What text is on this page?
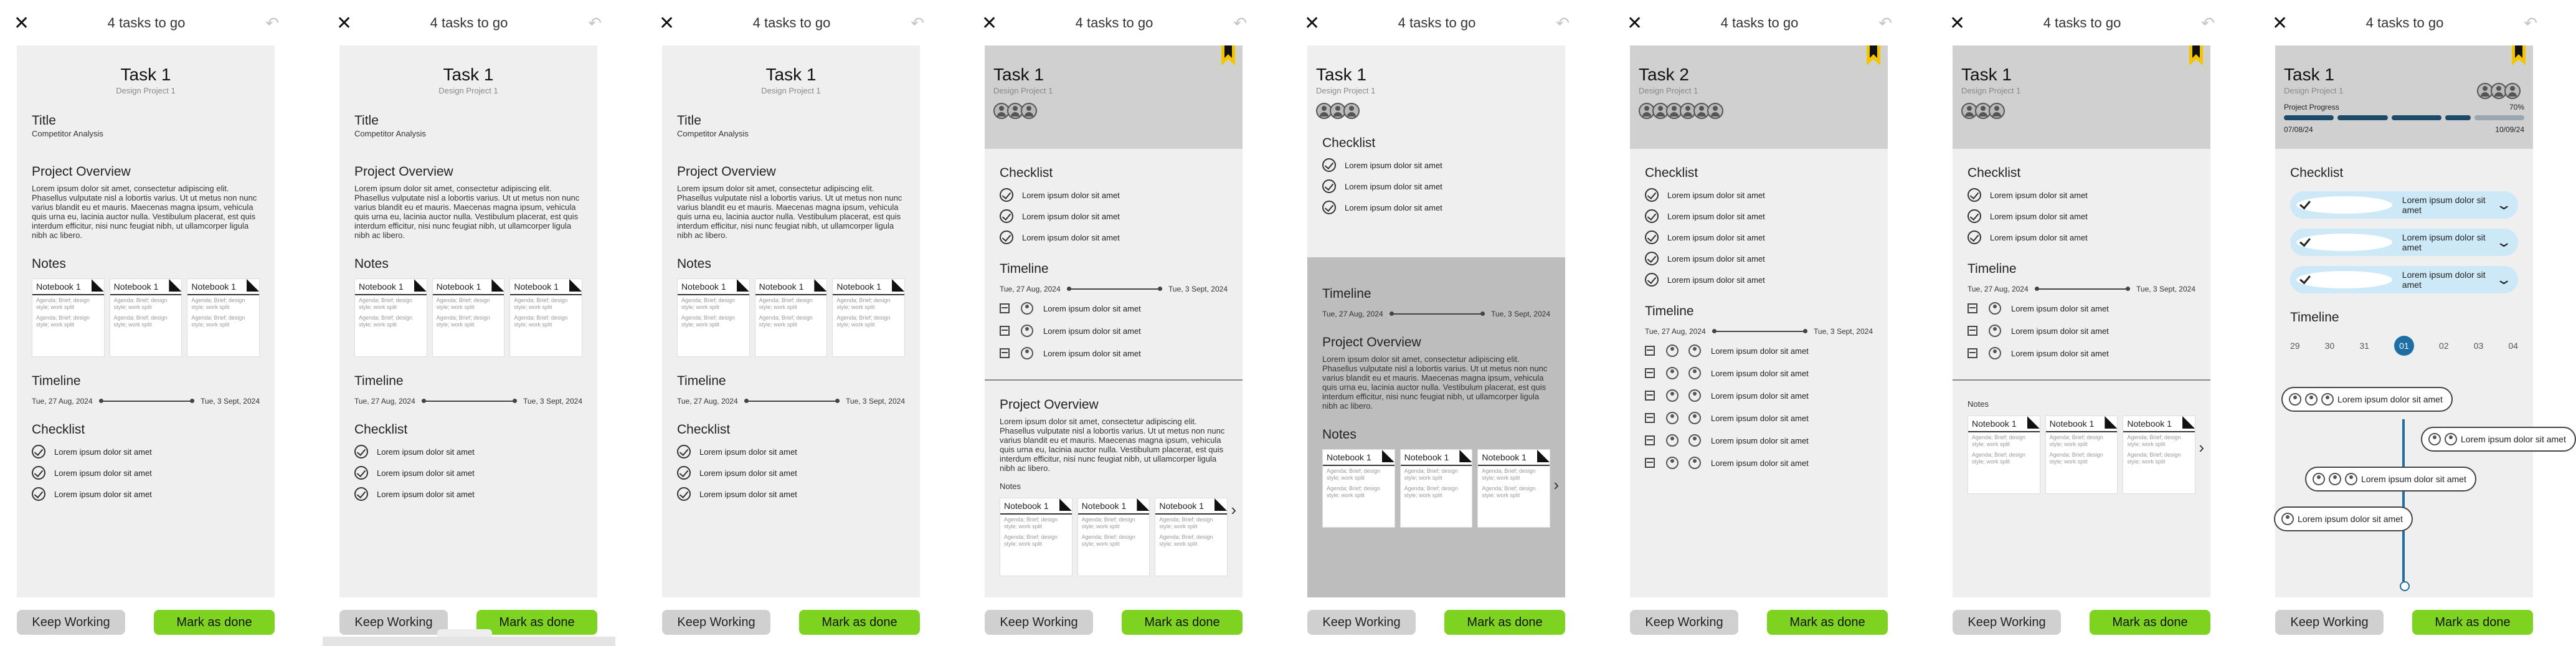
✕	4 tasks to go	↶
Task 1
Design Project 1
Title
Competitor Analysis
Project Overview
Lorem ipsum dolor sit amet, consectetur adipiscing elit. Phasellus vulputate nisl a lobortis varius. Ut ut metus non nunc varius blandit eu et mauris. Maecenas magna ipsum, vehicula quis urna eu, lacinia auctor nulla. Vestibulum placerat, est quis interdum efficitur, nisi nunc feugiat nibh, ut ullamcorper ligula nibh ac libero.
Notes
Notebook 1
Agenda; Brief; design style; work split
Agenda; Brief; design style; work split
Notebook 1
Agenda; Brief; design style; work split
Agenda; Brief; design style; work split
Notebook 1
Agenda; Brief; design style; work split
Agenda; Brief; design style; work split
Timeline
Tue, 27 Aug, 2024	Tue, 3 Sept, 2024
Checklist
Lorem ipsum dolor sit amet
Lorem ipsum dolor sit amet
Lorem ipsum dolor sit amet
Keep Working	Mark as done
✕	4 tasks to go	↶
Task 1
Design Project 1
Title
Competitor Analysis
Project Overview
Lorem ipsum dolor sit amet, consectetur adipiscing elit. Phasellus vulputate nisl a lobortis varius. Ut ut metus non nunc varius blandit eu et mauris. Maecenas magna ipsum, vehicula quis urna eu, lacinia auctor nulla. Vestibulum placerat, est quis interdum efficitur, nisi nunc feugiat nibh, ut ullamcorper ligula nibh ac libero.
Notes
Notebook 1
Agenda; Brief; design style; work split
Agenda; Brief; design style; work split
Notebook 1
Agenda; Brief; design style; work split
Agenda; Brief; design style; work split
Notebook 1
Agenda; Brief; design style; work split
Agenda; Brief; design style; work split
Timeline
Tue, 27 Aug, 2024	Tue, 3 Sept, 2024
Checklist
Lorem ipsum dolor sit amet
Lorem ipsum dolor sit amet
Lorem ipsum dolor sit amet
Keep Working	Mark as done
✕	4 tasks to go	↶
Task 1
Design Project 1
Title
Competitor Analysis
Project Overview
Lorem ipsum dolor sit amet, consectetur adipiscing elit. Phasellus vulputate nisl a lobortis varius. Ut ut metus non nunc varius blandit eu et mauris. Maecenas magna ipsum, vehicula quis urna eu, lacinia auctor nulla. Vestibulum placerat, est quis interdum efficitur, nisi nunc feugiat nibh, ut ullamcorper ligula nibh ac libero.
Notes
Notebook 1
Agenda; Brief; design style; work split
Agenda; Brief; design style; work split
Notebook 1
Agenda; Brief; design style; work split
Agenda; Brief; design style; work split
Notebook 1
Agenda; Brief; design style; work split
Agenda; Brief; design style; work split
Timeline
Tue, 27 Aug, 2024	Tue, 3 Sept, 2024
Checklist
Lorem ipsum dolor sit amet
Lorem ipsum dolor sit amet
Lorem ipsum dolor sit amet
Keep Working	Mark as done
✕	4 tasks to go	↶
Task 1
Design Project 1
Checklist
Lorem ipsum dolor sit amet
Lorem ipsum dolor sit amet
Lorem ipsum dolor sit amet
Timeline
Tue, 27 Aug, 2024	Tue, 3 Sept, 2024
Lorem ipsum dolor sit amet
Lorem ipsum dolor sit amet
Lorem ipsum dolor sit amet
Project Overview
Lorem ipsum dolor sit amet, consectetur adipiscing elit. Phasellus vulputate nisl a lobortis varius. Ut ut metus non nunc varius blandit eu et mauris. Maecenas magna ipsum, vehicula quis urna eu, lacinia auctor nulla. Vestibulum placerat, est quis interdum efficitur, nisi nunc feugiat nibh, ut ullamcorper ligula nibh ac libero.
Notes
Notebook 1
Agenda; Brief; design style; work split
Agenda; Brief; design style; work split
Notebook 1
Agenda; Brief; design style; work split
Agenda; Brief; design style; work split
Notebook 1
Agenda; Brief; design style; work split
Agenda; Brief; design style; work split
›
Keep Working	Mark as done
✕	4 tasks to go	↶
Task 1
Design Project 1
Checklist
Lorem ipsum dolor sit amet
Lorem ipsum dolor sit amet
Lorem ipsum dolor sit amet
Timeline
Tue, 27 Aug, 2024	Tue, 3 Sept, 2024
Project Overview
Lorem ipsum dolor sit amet, consectetur adipiscing elit. Phasellus vulputate nisl a lobortis varius. Ut ut metus non nunc varius blandit eu et mauris. Maecenas magna ipsum, vehicula quis urna eu, lacinia auctor nulla. Vestibulum placerat, est quis interdum efficitur, nisi nunc feugiat nibh, ut ullamcorper ligula nibh ac libero.
Notes
Notebook 1
Agenda; Brief; design style; work split
Agenda; Brief; design style; work split
Notebook 1
Agenda; Brief; design style; work split
Agenda; Brief; design style; work split
Notebook 1
Agenda; Brief; design style; work split
Agenda; Brief; design style; work split
›
Keep Working	Mark as done
✕	4 tasks to go	↶
Task 2
Design Project 1
Checklist
Lorem ipsum dolor sit amet
Lorem ipsum dolor sit amet
Lorem ipsum dolor sit amet
Lorem ipsum dolor sit amet
Lorem ipsum dolor sit amet
Timeline
Tue, 27 Aug, 2024	Tue, 3 Sept, 2024
Lorem ipsum dolor sit amet
Lorem ipsum dolor sit amet
Lorem ipsum dolor sit amet
Lorem ipsum dolor sit amet
Lorem ipsum dolor sit amet
Lorem ipsum dolor sit amet
Keep Working	Mark as done
✕	4 tasks to go	↶
Task 1
Design Project 1
Checklist
Lorem ipsum dolor sit amet
Lorem ipsum dolor sit amet
Lorem ipsum dolor sit amet
Timeline
Tue, 27 Aug, 2024	Tue, 3 Sept, 2024
Lorem ipsum dolor sit amet
Lorem ipsum dolor sit amet
Lorem ipsum dolor sit amet
Notes
Notebook 1
Agenda; Brief; design style; work split
Agenda; Brief; design style; work split
Notebook 1
Agenda; Brief; design style; work split
Agenda; Brief; design style; work split
Notebook 1
Agenda; Brief; design style; work split
Agenda; Brief; design style; work split
›
Keep Working	Mark as done
✕	4 tasks to go	↶
Task 1
Design Project 1
Project Progress	70%
07/08/24	10/09/24
Checklist
Lorem ipsum dolor sit amet	⌄
Lorem ipsum dolor sit amet	⌄
Lorem ipsum dolor sit amet	⌄
Timeline
29	30	31	01	02	03	04
Lorem ipsum dolor sit amet
Lorem ipsum dolor sit amet
Lorem ipsum dolor sit amet
Lorem ipsum dolor sit amet
Keep Working	Mark as done
